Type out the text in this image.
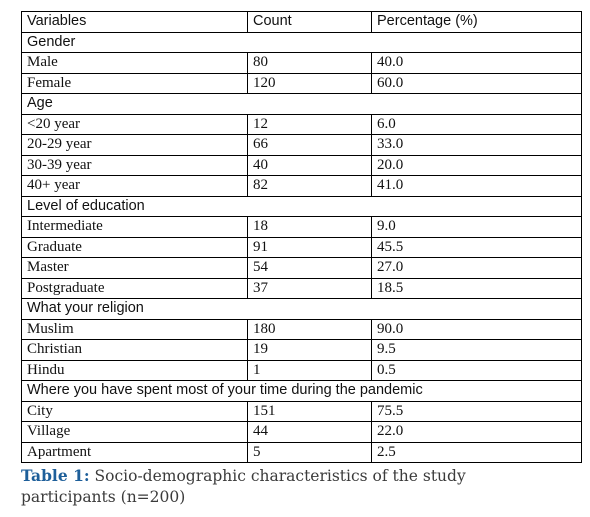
Variables	Count	Percentage (%)
Gender		
Male	80	40.0
Female	120	60.0
Age		
<20 year	12	6.0
20-29 year	66	33.0
30-39 year	40	20.0
40+ year	82	41.0
Level of education		
Intermediate	18	9.0
Graduate	91	45.5
Master	54	27.0
Postgraduate	37	18.5
What your religion		
Muslim	180	90.0
Christian	19	9.5
Hindu	1	0.5
Where you have spent most of your time during the pandemic		
City	151	75.5
Village	44	22.0
Apartment	5	2.5
Table 1: Socio-demographic characteristics of the study participants (n=200)
